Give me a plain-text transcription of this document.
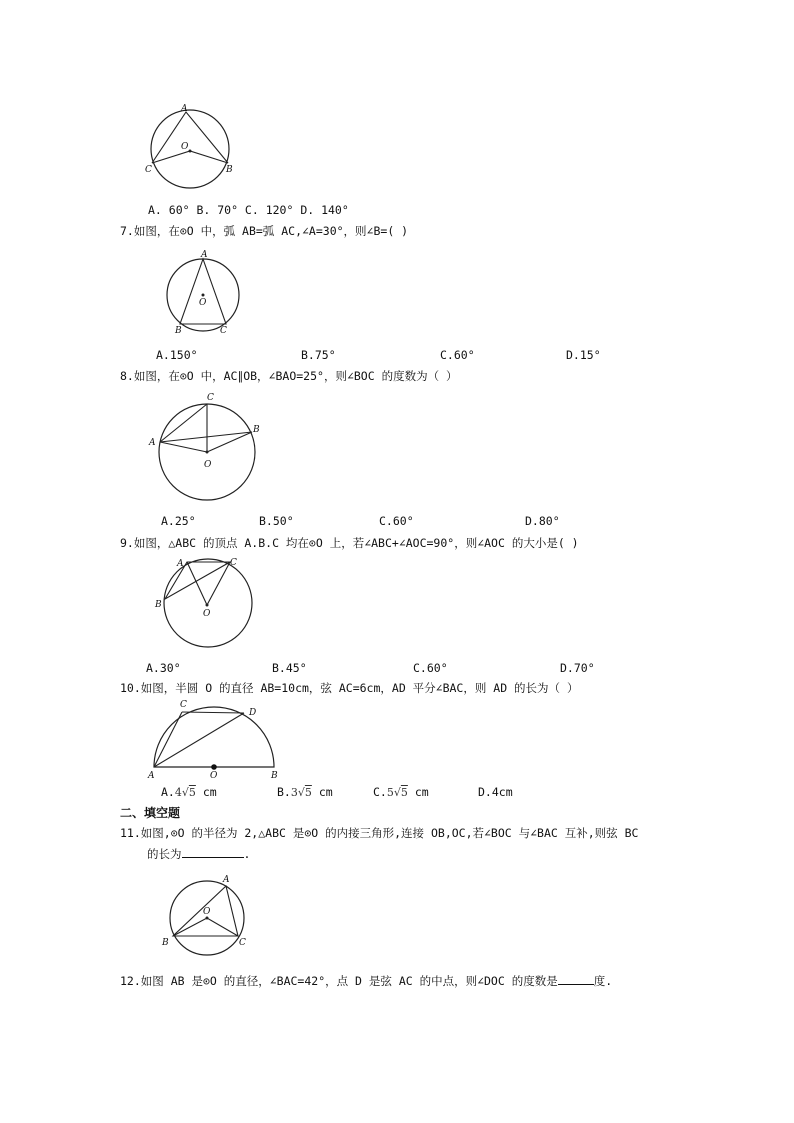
A
O
C	B
A. 60° B. 70° C. 120° D. 140°
7.如图，在⊙O 中，弧 AB=弧 AC,∠A=30°，则∠B=( )
A
O
B	C
A.150°	B.75°	C.60°	D.15°
8.如图，在⊙O 中，AC∥OB，∠BAO=25°，则∠BOC 的度数为（ ）
C
A
B
O
A.25°	B.50°	C.60°	D.80°
9.如图，△ABC 的顶点 A.B.C 均在⊙O 上，若∠ABC+∠AOC=90°，则∠AOC 的大小是( )
A	C
B
O
A.30°	B.45°	C.60°	D.70°
10.如图，半圆 O 的直径 AB=10cm，弦 AC=6cm，AD 平分∠BAC，则 AD 的长为（ ）
C
D
A	O	B
A.4√5 cm	B.3√5 cm	C.5√5 cm	D.4cm
二、填空题
11.如图,⊙O 的半径为 2,△ABC 是⊙O 的内接三角形,连接 OB,OC,若∠BOC 与∠BAC 互补,则弦 BC
的长为	.
A
O
B	C
12.如图 AB 是⊙O 的直径，∠BAC=42°，点 D 是弦 AC 的中点，则∠DOC 的度数是	度.
